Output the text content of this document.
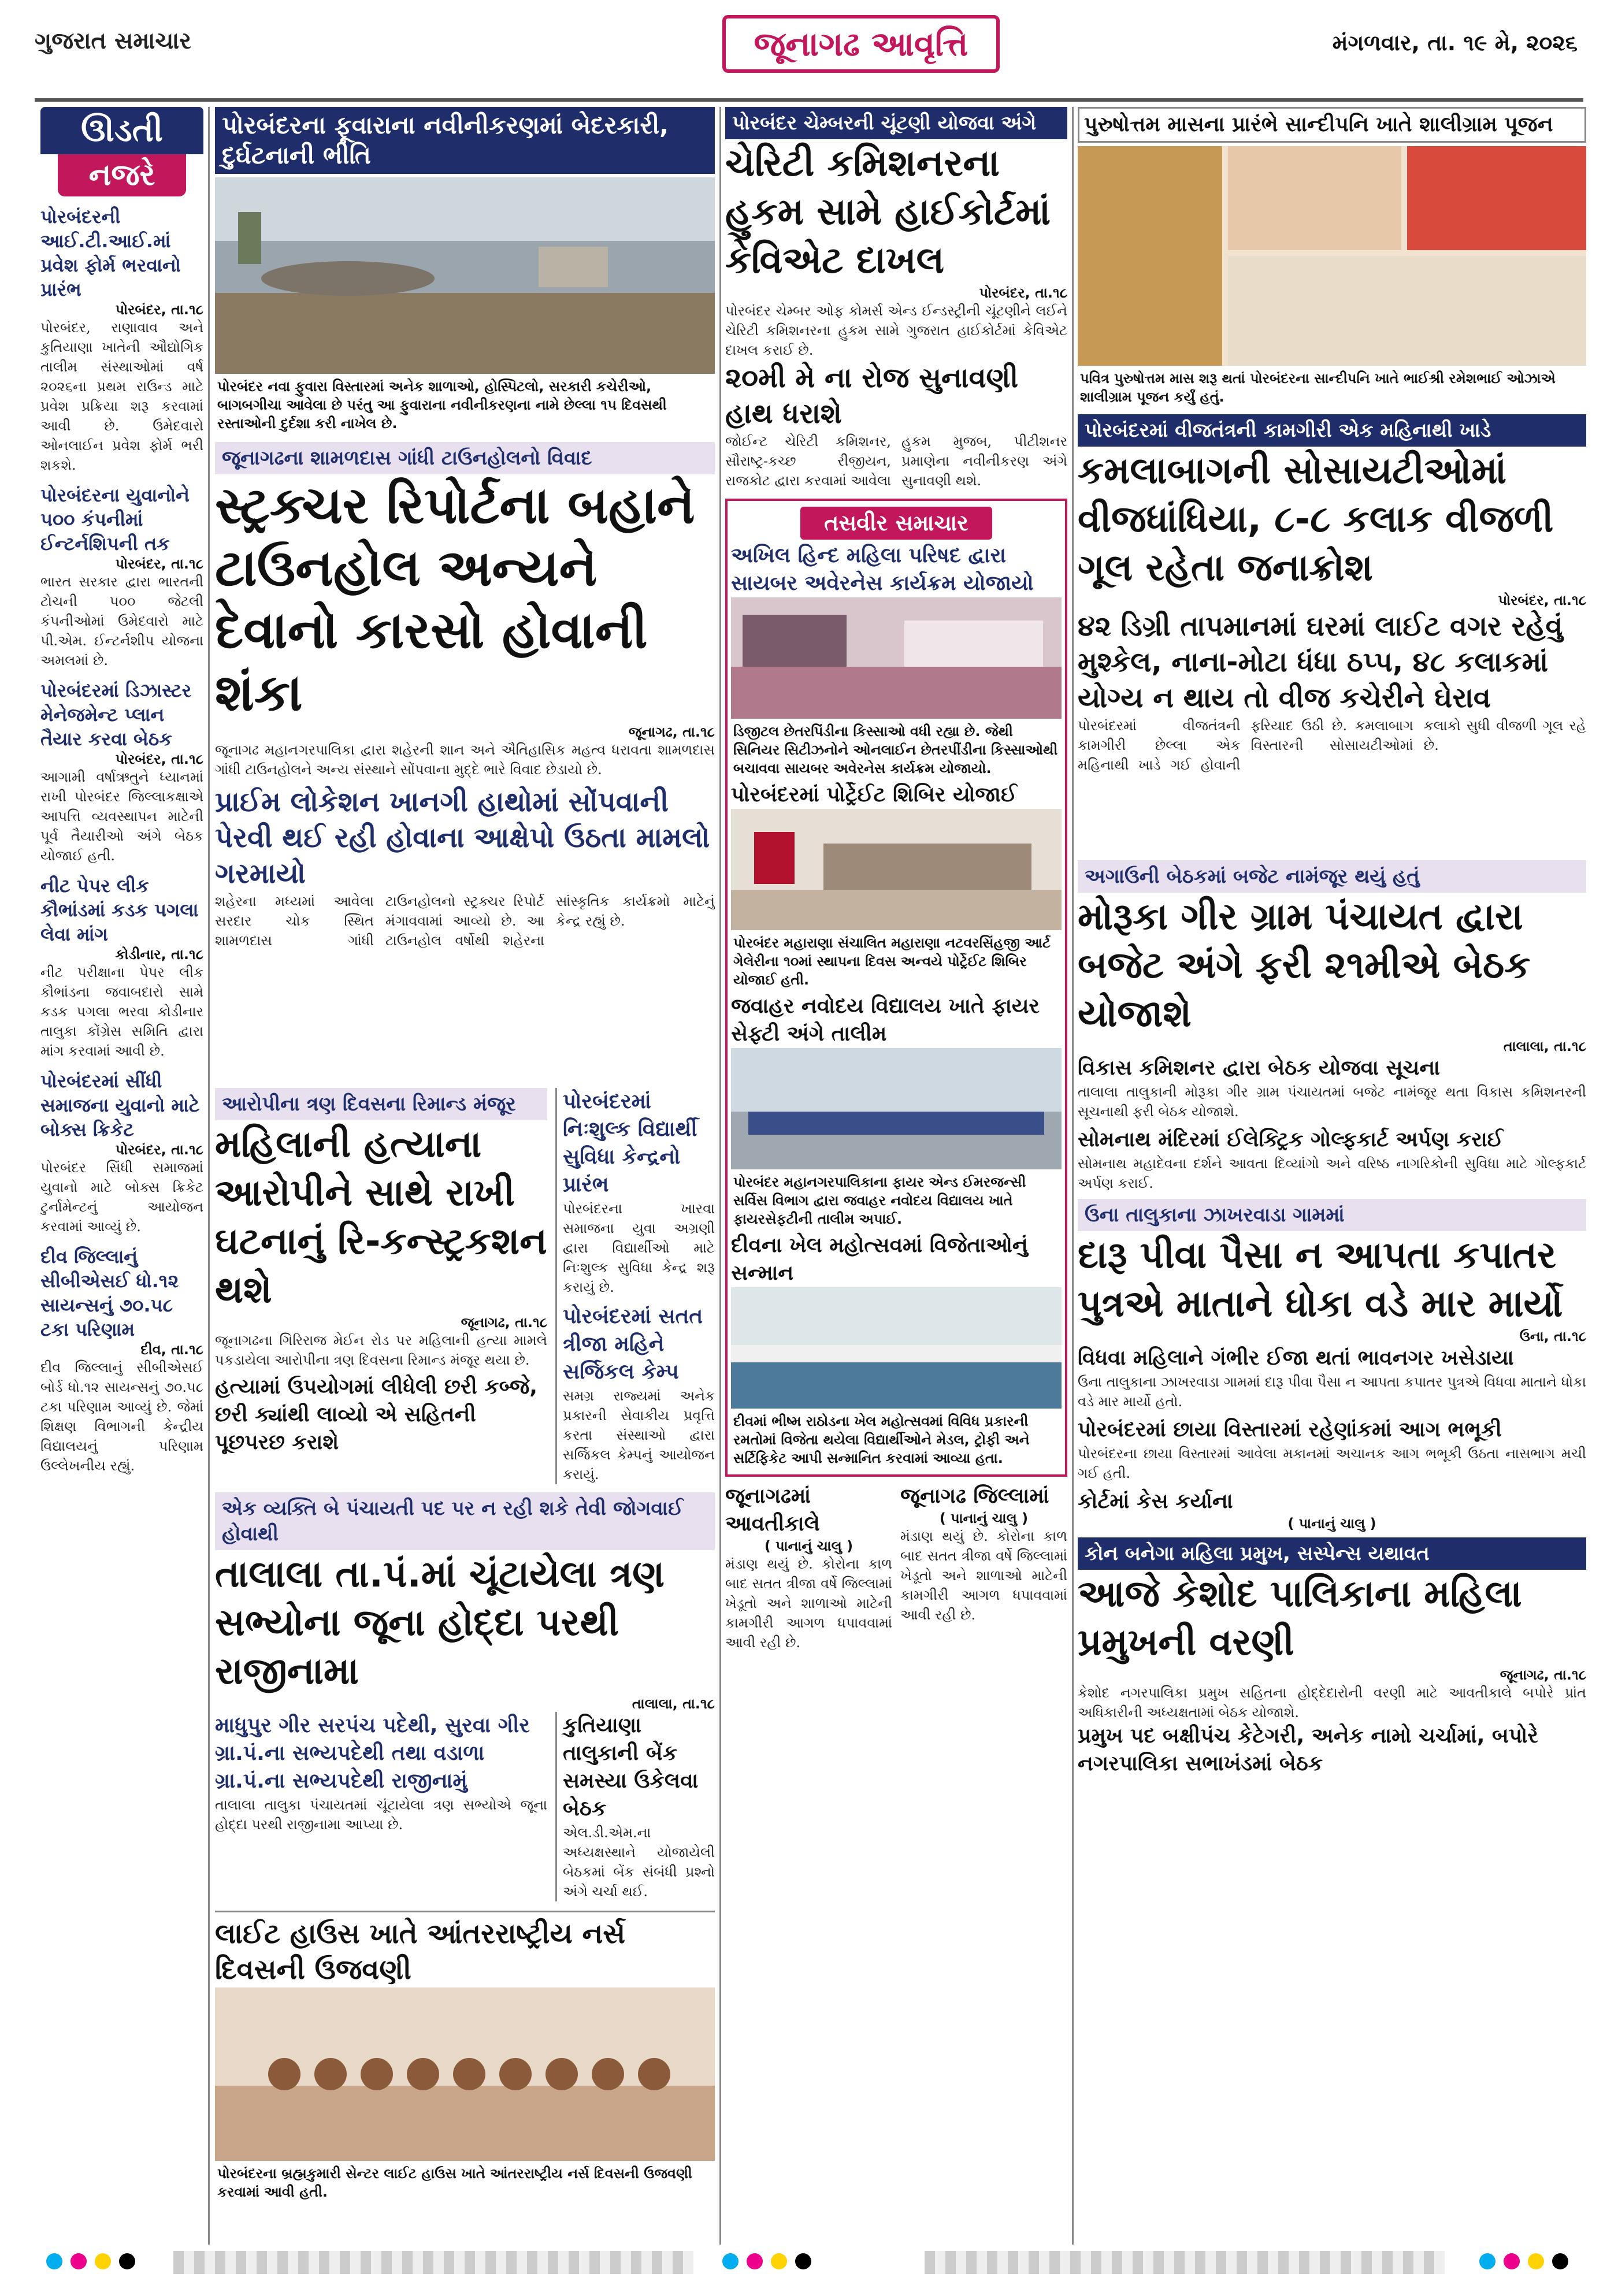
ગુજરાત સમાચાર	જૂનાગઢ આવૃત્તિ	મંગળવાર, તા. ૧૯ મે, ૨૦૨૬
ઊડતી
નજરે
પોરબંદરની આઈ.ટી.આઈ.માં પ્રવેશ ફોર્મ ભરવાનો પ્રારંભ
પોરબંદર, તા.૧૮
પોરબંદર, રાણાવાવ અને કુતિયાણા ખાતેની ઔદ્યોગિક તાલીમ સંસ્થાઓમાં વર્ષ ૨૦૨૬ના પ્રથમ રાઉન્ડ માટે પ્રવેશ પ્રક્રિયા શરૂ કરવામાં આવી છે. ઉમેદવારો ઓનલાઈન પ્રવેશ ફોર્મ ભરી શકશે.
પોરબંદરના યુવાનોને ૫૦૦ કંપનીમાં ઈન્ટર્નશિપની તક
પોરબંદર, તા.૧૮
ભારત સરકાર દ્વારા ભારતની ટોચની ૫૦૦ જેટલી કંપનીઓમાં ઉમેદવારો માટે પી.એમ. ઈન્ટર્નશીપ યોજના અમલમાં છે.
પોરબંદરમાં ડિઝાસ્ટર મેનેજમેન્ટ પ્લાન તૈયાર કરવા બેઠક
પોરબંદર, તા.૧૮
આગામી વર્ષાઋતુને ધ્યાનમાં રાખી પોરબંદર જિલ્લાકક્ષાએ આપત્તિ વ્યવસ્થાપન માટેની પૂર્વ તૈયારીઓ અંગે બેઠક યોજાઈ હતી.
નીટ પેપર લીક કૌભાંડમાં કડક પગલા લેવા માંગ
કોડીનાર, તા.૧૮
નીટ પરીક્ષાના પેપર લીક કૌભાંડના જવાબદારો સામે કડક પગલા ભરવા કોડીનાર તાલુકા કોંગ્રેસ સમિતિ દ્વારા માંગ કરવામાં આવી છે.
પોરબંદરમાં સીંધી સમાજના યુવાનો માટે બોક્સ ક્રિકેટ
પોરબંદર, તા.૧૮
પોરબંદર સિંધી સમાજમાં યુવાનો માટે બોક્સ ક્રિકેટ ટુર્નામેન્ટનું આયોજન કરવામાં આવ્યું છે.
દીવ જિલ્લાનું સીબીએસઈ ધો.૧૨ સાયન્સનું ૭૦.૫૮ ટકા પરિણામ
દીવ, તા.૧૮
દીવ જિલ્લાનું સીબીએસઈ બોર્ડ ધો.૧૨ સાયન્સનું ૭૦.૫૮ ટકા પરિણામ આવ્યું છે. જેમાં શિક્ષણ વિભાગની કેન્દ્રીય વિદ્યાલયનું પરિણામ ઉલ્લેખનીય રહ્યું.
પોરબંદરના ફૂવારાના નવીનીકરણમાં બેદરકારી, દુર્ઘટનાની ભીતિ
પોરબંદર નવા ફુવારા વિસ્તારમાં અનેક શાળાઓ, હોસ્પિટલો, સરકારી કચેરીઓ, બાગબગીચા આવેલા છે પરંતુ આ ફુવારાના નવીનીકરણના નામે છેલ્લા ૧૫ દિવસથી રસ્તાઓની દુર્દશા કરી નાખેલ છે.
જૂનાગઢના શામળદાસ ગાંધી ટાઉનહોલનો વિવાદ
સ્ટ્રક્ચર રિપોર્ટના બહાને ટાઉનહોલ અન્યને દેવાનો કારસો હોવાની શંકા
જૂનાગઢ, તા.૧૮
જૂનાગઢ મહાનગરપાલિકા દ્વારા શહેરની શાન અને ઐતિહાસિક મહત્વ ધરાવતા શામળદાસ ગાંધી ટાઉનહોલને અન્ય સંસ્થાને સોંપવાના મુદ્દે ભારે વિવાદ છેડાયો છે.
પ્રાઈમ લોકેશન ખાનગી હાથોમાં સોંપવાની પેરવી થઈ રહી હોવાના આક્ષેપો ઉઠતા મામલો ગરમાયો
શહેરના મધ્યમાં આવેલા સરદાર ચોક સ્થિત શામળદાસ ગાંધી ટાઉનહોલનો સ્ટ્રક્ચર રિપોર્ટ મંગાવવામાં આવ્યો છે. આ ટાઉનહોલ વર્ષોથી શહેરના સાંસ્કૃતિક કાર્યક્રમો માટેનું કેન્દ્ર રહ્યું છે.
આરોપીના ત્રણ દિવસના રિમાન્ડ મંજૂર
મહિલાની હત્યાના આરોપીને સાથે રાખી ઘટનાનું રિ-કન્સ્ટ્રકશન થશે
જૂનાગઢ, તા.૧૮
જૂનાગઢના ગિરિરાજ મેઈન રોડ પર મહિલાની હત્યા મામલે પકડાયેલા આરોપીના ત્રણ દિવસના રિમાન્ડ મંજૂર થયા છે.
હત્યામાં ઉપયોગમાં લીધેલી છરી કબ્જે, છરી ક્યાંથી લાવ્યો એ સહિતની પૂછપરછ કરાશે
પોરબંદરમાં નિઃશુલ્ક વિદ્યાર્થી સુવિધા કેન્દ્રનો પ્રારંભ
પોરબંદરના ખારવા સમાજના યુવા અગ્રણી દ્વારા વિદ્યાર્થીઓ માટે નિઃશુલ્ક સુવિધા કેન્દ્ર શરૂ કરાયું છે.
પોરબંદરમાં સતત ત્રીજા મહિને સર્જિકલ કેમ્પ
સમગ્ર રાજ્યમાં અનેક પ્રકારની સેવાકીય પ્રવૃત્તિ કરતા સંસ્થાઓ દ્વારા સર્જિકલ કેમ્પનું આયોજન કરાયું.
એક વ્યક્તિ બે પંચાયતી પદ પર ન રહી શકે તેવી જોગવાઈ હોવાથી
તાલાલા તા.પં.માં ચૂંટાયેલા ત્રણ સભ્યોના જૂના હોદ્દા પરથી રાજીનામા
તાલાલા, તા.૧૮
માધુપુર ગીર સરપંચ પદેથી, સુરવા ગીર ગ્રા.પં.ના સભ્યપદેથી તથા વડાળા ગ્રા.પં.ના સભ્યપદેથી રાજીનામું
તાલાલા તાલુકા પંચાયતમાં ચૂંટાયેલા ત્રણ સભ્યોએ જૂના હોદ્દા પરથી રાજીનામા આપ્યા છે.
કુતિયાણા તાલુકાની બેંક સમસ્યા ઉકેલવા બેઠક
એલ.ડી.એમ.ના અધ્યક્ષસ્થાને યોજાયેલી બેઠકમાં બેંક સંબંધી પ્રશ્નો અંગે ચર્ચા થઈ.
લાઈટ હાઉસ ખાતે આંતરરાષ્ટ્રીય નર્સ દિવસની ઉજવણી
પોરબંદરના બ્રહ્મકુમારી સેન્ટર લાઈટ હાઉસ ખાતે આંતરરાષ્ટ્રીય નર્સ દિવસની ઉજવણી કરવામાં આવી હતી.
પોરબંદર ચેમ્બરની ચૂંટણી યોજવા અંગે
ચેરિટી કમિશનરના હુકમ સામે હાઈકોર્ટમાં કેવિએટ દાખલ
પોરબંદર, તા.૧૮
પોરબંદર ચેમ્બર ઓફ કોમર્સ એન્ડ ઈન્ડસ્ટ્રીની ચૂંટણીને લઈને ચેરિટી કમિશનરના હુકમ સામે ગુજરાત હાઈકોર્ટમાં કેવિએટ દાખલ કરાઈ છે.
૨૦મી મે ના રોજ સુનાવણી હાથ ધરાશે
જોઈન્ટ ચેરિટી કમિશનર, સૌરાષ્ટ્ર-કચ્છ રીજીયન, રાજકોટ દ્વારા કરવામાં આવેલા હુકમ મુજબ, પીટીશનર પ્રમાણેના નવીનીકરણ અંગે સુનાવણી થશે.
તસવીર સમાચાર
અખિલ હિન્દ મહિલા પરિષદ દ્વારા સાયબર અવેરનેસ કાર્યક્રમ યોજાયો
ડિજીટલ છેતરપિંડીના કિસ્સાઓ વધી રહ્યા છે. જેથી સિનિયર સિટીઝનોને ઓનલાઈન છેતરપીંડીના કિસ્સાઓથી બચાવવા સાયબર અવેરનેસ કાર્યક્રમ યોજાયો.
પોરબંદરમાં પોર્ટ્રેઈટ શિબિર યોજાઈ
પોરબંદર મહારાણા સંચાલિત મહારાણા નટવરસિંહજી આર્ટ ગેલેરીના ૧૦માં સ્થાપના દિવસ અન્વયે પોર્ટ્રેઈટ શિબિર યોજાઈ હતી.
જવાહર નવોદય વિદ્યાલય ખાતે ફાયર સેફ્ટી અંગે તાલીમ
પોરબંદર મહાનગરપાલિકાના ફાયર એન્ડ ઈમરજન્સી સર્વિસ વિભાગ દ્વારા જવાહર નવોદય વિદ્યાલય ખાતે ફાયરસેફટીની તાલીમ અપાઈ.
દીવના ખેલ મહોત્સવમાં વિજેતાઓનું સન્માન
દીવમાં ભીષ્મ રાઠોડના ખેલ મહોત્સવમાં વિવિધ પ્રકારની રમતોમાં વિજેતા થયેલા વિદ્યાર્થીઓને મેડલ, ટ્રોફી અને સર્ટિફિકેટ આપી સન્માનિત કરવામાં આવ્યા હતા.
જૂનાગઢમાં આવતીકાલે
( પાનાનું ચાલુ )
મંડાણ થયું છે. કોરોના કાળ બાદ સતત ત્રીજા વર્ષે જિલ્લામાં ખેડૂતો અને શાળાઓ માટેની કામગીરી આગળ ધપાવવામાં આવી રહી છે.
જૂનાગઢ જિલ્લામાં
( પાનાનું ચાલુ )
મંડાણ થયું છે. કોરોના કાળ બાદ સતત ત્રીજા વર્ષે જિલ્લામાં ખેડૂતો અને શાળાઓ માટેની કામગીરી આગળ ધપાવવામાં આવી રહી છે.
પુરુષોત્તમ માસના પ્રારંભે સાન્દીપનિ ખાતે શાલીગ્રામ પૂજન
પવિત્ર પુરુષોત્તમ માસ શરૂ થતાં પોરબંદરના સાન્દીપનિ ખાતે ભાઈશ્રી રમેશભાઈ ઓઝાએ શાલીગ્રામ પૂજન કર્યું હતું.
પોરબંદરમાં વીજતંત્રની કામગીરી એક મહિનાથી ખાડે
કમલાબાગની સોસાયટીઓમાં વીજધાંધિયા, ૮-૮ કલાક વીજળી ગૂલ રહેતા જનાક્રોશ
પોરબંદર, તા.૧૮
૪૨ ડિગ્રી તાપમાનમાં ઘરમાં લાઈટ વગર રહેવું મુશ્કેલ, નાના-મોટા ધંધા ઠપ્પ, ૪૮ કલાકમાં યોગ્ય ન થાય તો વીજ કચેરીને ઘેરાવ
પોરબંદરમાં વીજતંત્રની કામગીરી છેલ્લા એક મહિનાથી ખાડે ગઈ હોવાની ફરિયાદ ઉઠી છે. કમલાબાગ વિસ્તારની સોસાયટીઓમાં કલાકો સુધી વીજળી ગૂલ રહે છે.
અગાઉની બેઠકમાં બજેટ નામંજૂર થયું હતું
મોરૂકા ગીર ગ્રામ પંચાયત દ્વારા બજેટ અંગે ફરી ૨૧મીએ બેઠક યોજાશે
તાલાલા, તા.૧૮
વિકાસ કમિશનર દ્વારા બેઠક યોજવા સૂચના
તાલાલા તાલુકાની મોરૂકા ગીર ગ્રામ પંચાયતમાં બજેટ નામંજૂર થતા વિકાસ કમિશનરની સૂચનાથી ફરી બેઠક યોજાશે.
સોમનાથ મંદિરમાં ઈલેક્ટ્રિક ગોલ્ફકાર્ટ અર્પણ કરાઈ
સોમનાથ મહાદેવના દર્શને આવતા દિવ્યાંગો અને વરિષ્ઠ નાગરિકોની સુવિધા માટે ગોલ્ફકાર્ટ અર્પણ કરાઈ.
ઉના તાલુકાના ઝાખરવાડા ગામમાં
દારૂ પીવા પૈસા ન આપતા કપાતર પુત્રએ માતાને ધોકા વડે માર માર્યો
ઉના, તા.૧૮
વિધવા મહિલાને ગંભીર ઈજા થતાં ભાવનગર ખસેડાયા
ઉના તાલુકાના ઝાખરવાડા ગામમાં દારૂ પીવા પૈસા ન આપતા કપાતર પુત્રએ વિધવા માતાને ધોકા વડે માર માર્યો હતો.
પોરબંદરમાં છાયા વિસ્તારમાં રહેણાંકમાં આગ ભભૂકી
પોરબંદરના છાયા વિસ્તારમાં આવેલા મકાનમાં અચાનક આગ ભભૂકી ઉઠતા નાસભાગ મચી ગઈ હતી.
કોર્ટમાં કેસ કર્યાના
( પાનાનું ચાલુ )
કોન બનેગા મહિલા પ્રમુખ, સસ્પેન્સ યથાવત
આજે કેશોદ પાલિકાના મહિલા પ્રમુખની વરણી
જૂનાગઢ, તા.૧૮
કેશોદ નગરપાલિકા પ્રમુખ સહિતના હોદ્દેદારોની વરણી માટે આવતીકાલે બપોરે પ્રાંત અધિકારીની અધ્યક્ષતામાં બેઠક યોજાશે.
પ્રમુખ પદ બક્ષીપંચ કેટેગરી, અનેક નામો ચર્ચામાં, બપોરે નગરપાલિકા સભાખંડમાં બેઠક
